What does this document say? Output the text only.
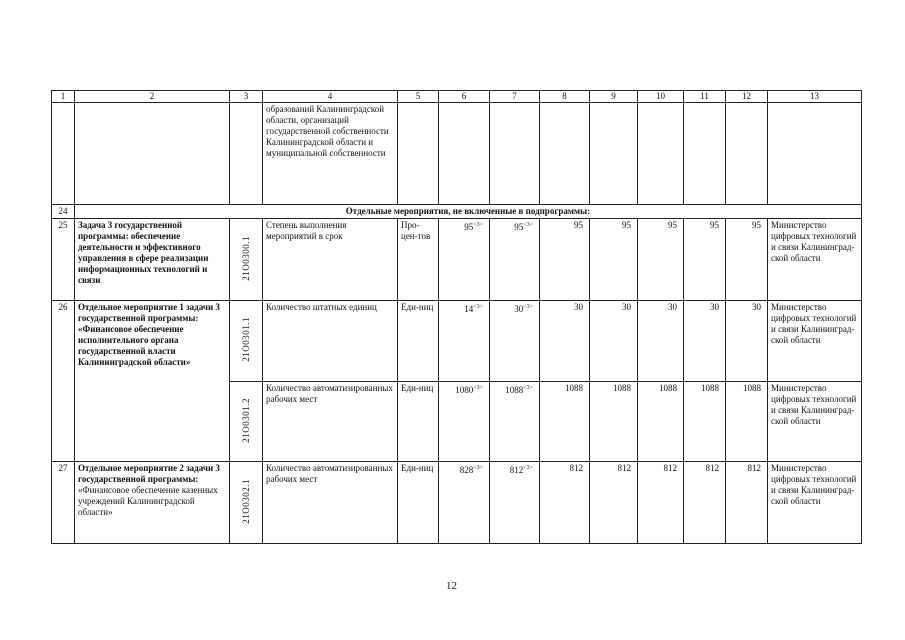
1	2	3	4	5	6	7	8	9	10	11	12	13
			образований Калининградской области, организаций государственной собственности Калининградской области и муниципальной собственности									
24	Отдельные мероприятия, не включенные в подпрограммы:											
25	Задача 3 государственной программы: обеспечение деятельности и эффективного управления в сфере реализации информационных технологий и связи	21О0300.1	Степень выполнения мероприятий в срок	Про-цен-тов	95$^{<3>}$	95$^{<3>}$	95	95	95	95	95	Министерство цифровых технологий и связи Калининград-ской области
26	Отдельное мероприятие 1 задачи 3 государственной программы: «Финансовое обеспечение исполнительного органа государственной власти Калининградской области»	21О0301.1	Количество штатных единиц	Еди-ниц	14$^{<3>}$	30$^{<3>}$	30	30	30	30	30	Министерство цифровых технологий и связи Калининград-ской области
		21О0301.2	Количество автоматизированных рабочих мест	Еди-ниц	1080$^{<3>}$	1088$^{<3>}$	1088	1088	1088	1088	1088	Министерство цифровых технологий и связи Калининград-ской области
27	Отдельное мероприятие 2 задачи 3 государственной программы: «Финансовое обеспечение казенных учреждений Калининградской области»	21О0302.1	Количество автоматизированных рабочих мест	Еди-ниц	828$^{<3>}$	812$^{<3>}$	812	812	812	812	812	Министерство цифровых технологий и связи Калининград-ской области
12
